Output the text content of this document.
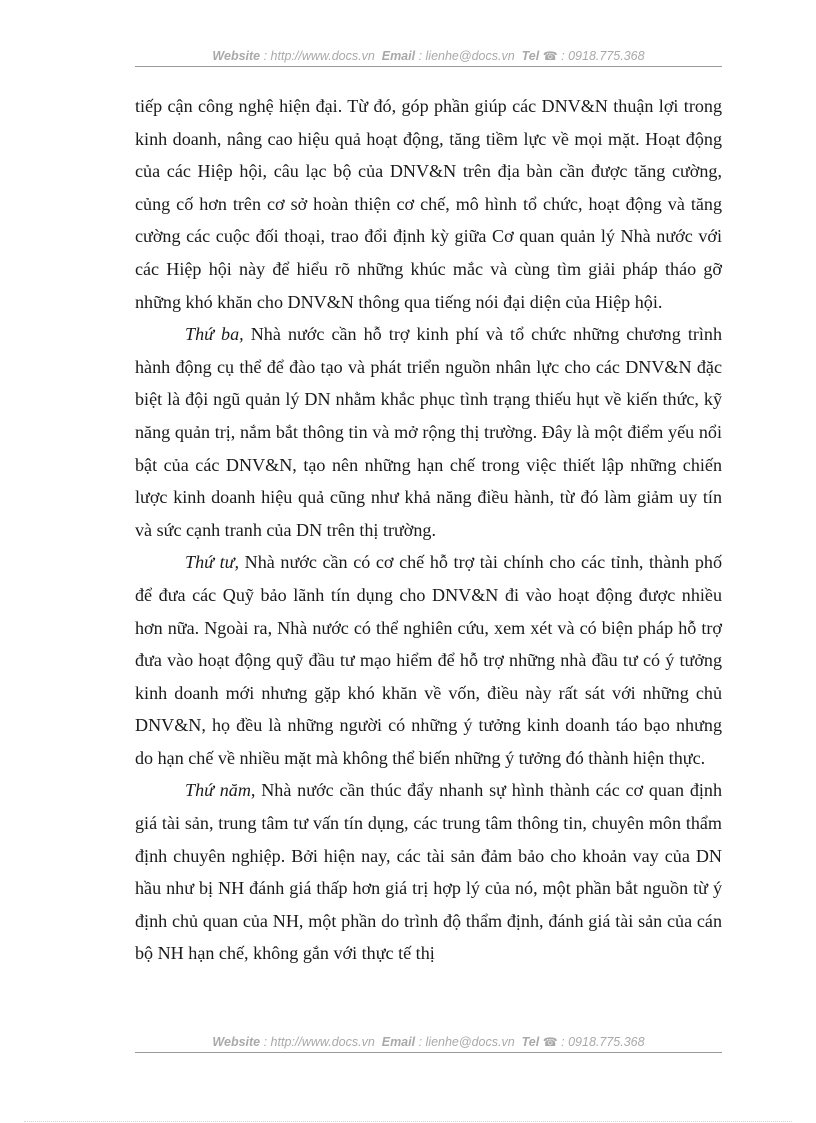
Website : http://www.docs.vn Email : lienhe@docs.vn Tel ☎ : 0918.775.368

tiếp cận công nghệ hiện đại. Từ đó, góp phần giúp các DNV&N thuận lợi trong kinh doanh, nâng cao hiệu quả hoạt động, tăng tiềm lực về mọi mặt. Hoạt động của các Hiệp hội, câu lạc bộ của DNV&N trên địa bàn cần được tăng cường, củng cố hơn trên cơ sở hoàn thiện cơ chế, mô hình tổ chức, hoạt động và tăng cường các cuộc đối thoại, trao đổi định kỳ giữa Cơ quan quản lý Nhà nước với các Hiệp hội này để hiểu rõ những khúc mắc và cùng tìm giải pháp tháo gỡ những khó khăn cho DNV&N thông qua tiếng nói đại diện của Hiệp hội.

Thứ ba, Nhà nước cần hỗ trợ kinh phí và tổ chức những chương trình hành động cụ thể để đào tạo và phát triển nguồn nhân lực cho các DNV&N đặc biệt là đội ngũ quản lý DN nhằm khắc phục tình trạng thiếu hụt về kiến thức, kỹ năng quản trị, nắm bắt thông tin và mở rộng thị trường. Đây là một điểm yếu nổi bật của các DNV&N, tạo nên những hạn chế trong việc thiết lập những chiến lược kinh doanh hiệu quả cũng như khả năng điều hành, từ đó làm giảm uy tín và sức cạnh tranh của DN trên thị trường.

Thứ tư, Nhà nước cần có cơ chế hỗ trợ tài chính cho các tỉnh, thành phố để đưa các Quỹ bảo lãnh tín dụng cho DNV&N đi vào hoạt động được nhiều hơn nữa. Ngoài ra, Nhà nước có thể nghiên cứu, xem xét và có biện pháp hỗ trợ đưa vào hoạt động quỹ đầu tư mạo hiểm để hỗ trợ những nhà đầu tư có ý tưởng kinh doanh mới nhưng gặp khó khăn về vốn, điều này rất sát với những chủ DNV&N, họ đều là những người có những ý tưởng kinh doanh táo bạo nhưng do hạn chế về nhiều mặt mà không thể biến những ý tưởng đó thành hiện thực.

Thứ năm, Nhà nước cần thúc đẩy nhanh sự hình thành các cơ quan định giá tài sản, trung tâm tư vấn tín dụng, các trung tâm thông tin, chuyên môn thẩm định chuyên nghiệp. Bởi hiện nay, các tài sản đảm bảo cho khoản vay của DN hầu như bị NH đánh giá thấp hơn giá trị hợp lý của nó, một phần bắt nguồn từ ý định chủ quan của NH, một phần do trình độ thẩm định, đánh giá tài sản của cán bộ NH hạn chế, không gắn với thực tế thị

Website : http://www.docs.vn Email : lienhe@docs.vn Tel ☎ : 0918.775.368
